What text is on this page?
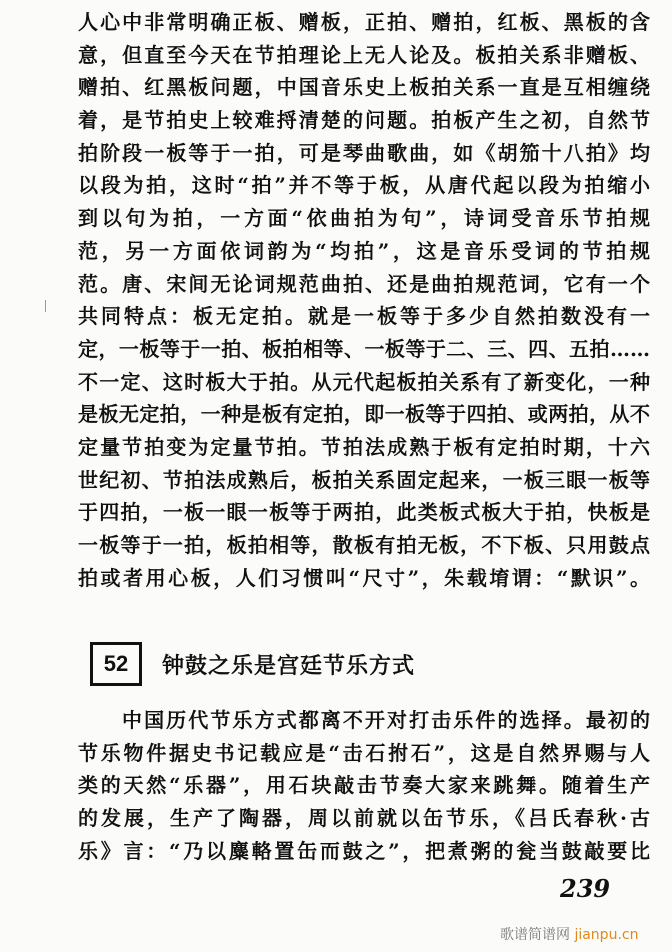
人心中非常明确正板、赠板，正拍、赠拍，红板、黑板的含
意，但直至今天在节拍理论上无人论及。板拍关系非赠板、
赠拍、红黑板问题，中国音乐史上板拍关系一直是互相缠绕
着，是节拍史上较难捋清楚的问题。拍板产生之初，自然节
拍阶段一板等于一拍，可是琴曲歌曲，如《胡笳十八拍》均
以段为拍，这时“拍”并不等于板，从唐代起以段为拍缩小
到以句为拍，一方面“依曲拍为句”，诗词受音乐节拍规
范，另一方面依词韵为“均拍”，这是音乐受词的节拍规
范。唐、宋间无论词规范曲拍、还是曲拍规范词，它有一个
共同特点：板无定拍。就是一板等于多少自然拍数没有一
定，一板等于一拍、板拍相等、一板等于二、三、四、五拍……
不一定、这时板大于拍。从元代起板拍关系有了新变化，一种
是板无定拍，一种是板有定拍，即一板等于四拍、或两拍，从不
定量节拍变为定量节拍。节拍法成熟于板有定拍时期，十六
世纪初、节拍法成熟后，板拍关系固定起来，一板三眼一板等
于四拍，一板一眼一板等于两拍，此类板式板大于拍，快板是
一板等于一拍，板拍相等，散板有拍无板，不下板、只用鼓点
拍或者用心板，人们习惯叫“尺寸”，朱载堉谓：“默识”。
52	钟鼓之乐是宫廷节乐方式
中国历代节乐方式都离不开对打击乐件的选择。最初的
节乐物件据史书记载应是“击石拊石”，这是自然界赐与人
类的天然“乐器”，用石块敲击节奏大家来跳舞。随着生产
的发展，生产了陶器，周以前就以缶节乐，《吕氏春秋·古
乐》言：“乃以麋輅置缶而鼓之”，把煮粥的瓮当鼓敲要比
239
歌谱简谱网 jianpu.cn
